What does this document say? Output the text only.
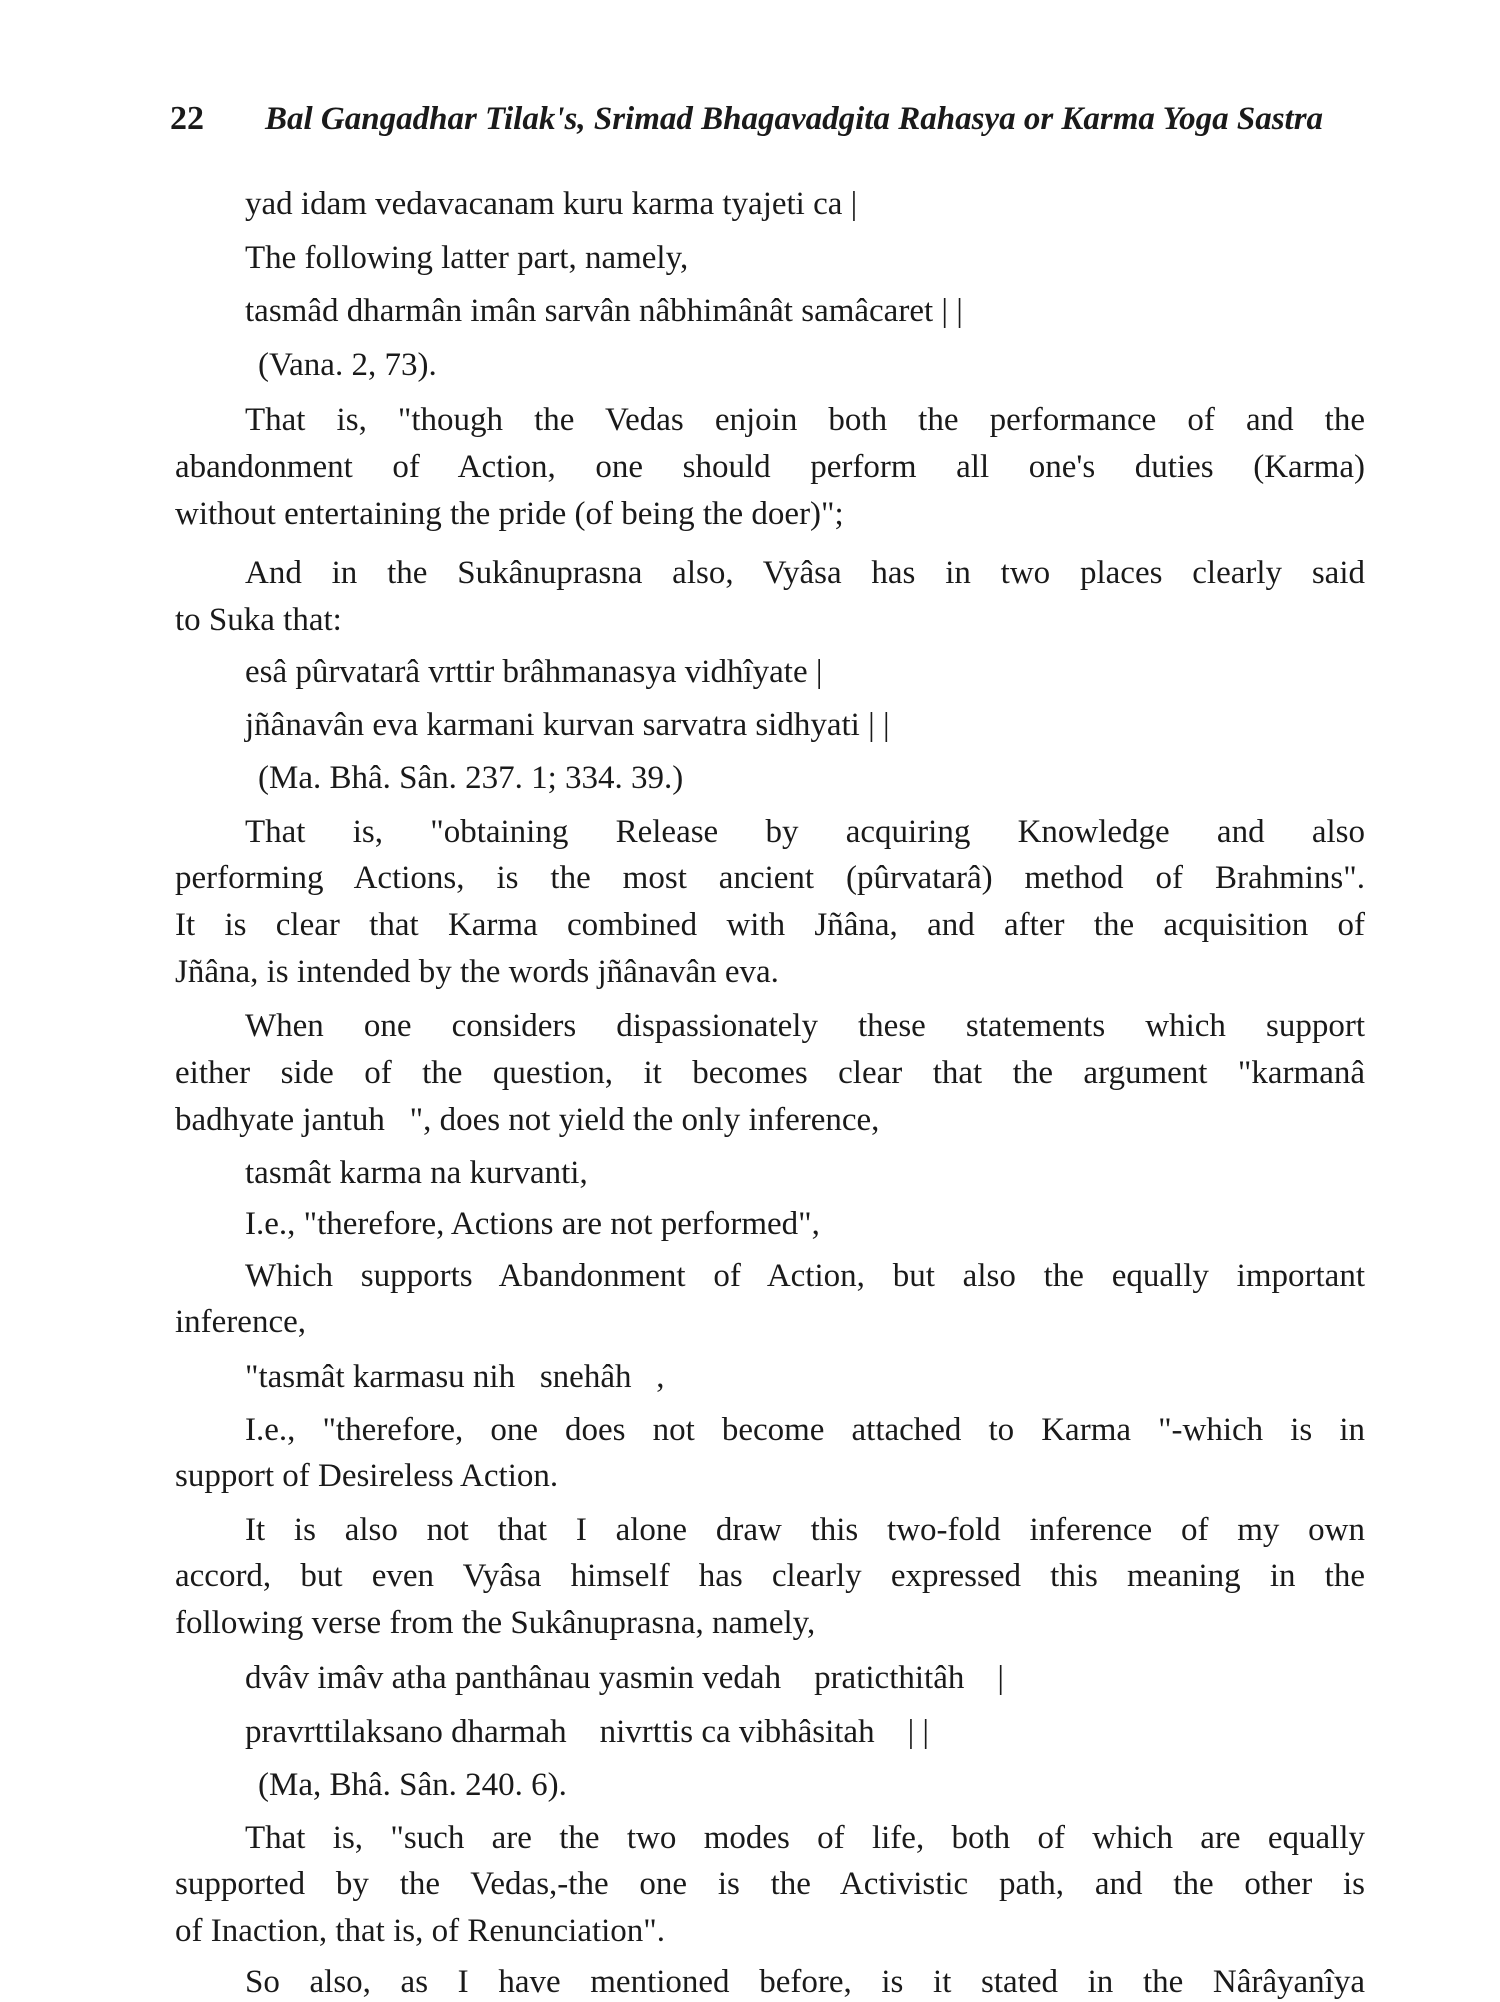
22	Bal Gangadhar Tilak's, Srimad Bhagavadgita Rahasya or Karma Yoga Sastra
yad idam vedavacanam kuru karma tyajeti ca |
The following latter part, namely,
tasmâd dharmân imân sarvân nâbhimânât samâcaret | |
(Vana. 2, 73).
That is, "though the Vedas enjoin both the performance of and the
abandonment of Action, one should perform all one's duties (Karma)
without entertaining the pride (of being the doer)";
And in the Sukânuprasna also, Vyâsa has in two places clearly said
to Suka that:
esâ pûrvatarâ vrttir brâhmanasya vidhîyate |
jñânavân eva karmani kurvan sarvatra sidhyati | |
(Ma. Bhâ. Sân. 237. 1; 334. 39.)
That is, "obtaining Release by acquiring Knowledge and also
performing Actions, is the most ancient (pûrvatarâ) method of Brahmins".
It is clear that Karma combined with Jñâna, and after the acquisition of
Jñâna, is intended by the words jñânavân eva.
When one considers dispassionately these statements which support
either side of the question, it becomes clear that the argument "karmanâ
badhyate jantuh   ", does not yield the only inference,
tasmât karma na kurvanti,
I.e., "therefore, Actions are not performed",
Which supports Abandonment of Action, but also the equally important
inference,
"tasmât karmasu nih   snehâh   ,
I.e., "therefore, one does not become attached to Karma "-which is in
support of Desireless Action.
It is also not that I alone draw this two-fold inference of my own
accord, but even Vyâsa himself has clearly expressed this meaning in the
following verse from the Sukânuprasna, namely,
dvâv imâv atha panthânau yasmin vedah    praticthitâh    |
pravrttilaksano dharmah    nivrttis ca vibhâsitah    | |
(Ma, Bhâ. Sân. 240. 6).
That is, "such are the two modes of life, both of which are equally
supported by the Vedas,-the one is the Activistic path, and the other is
of Inaction, that is, of Renunciation".
So also, as I have mentioned before, is it stated in the Nârâyanîya
